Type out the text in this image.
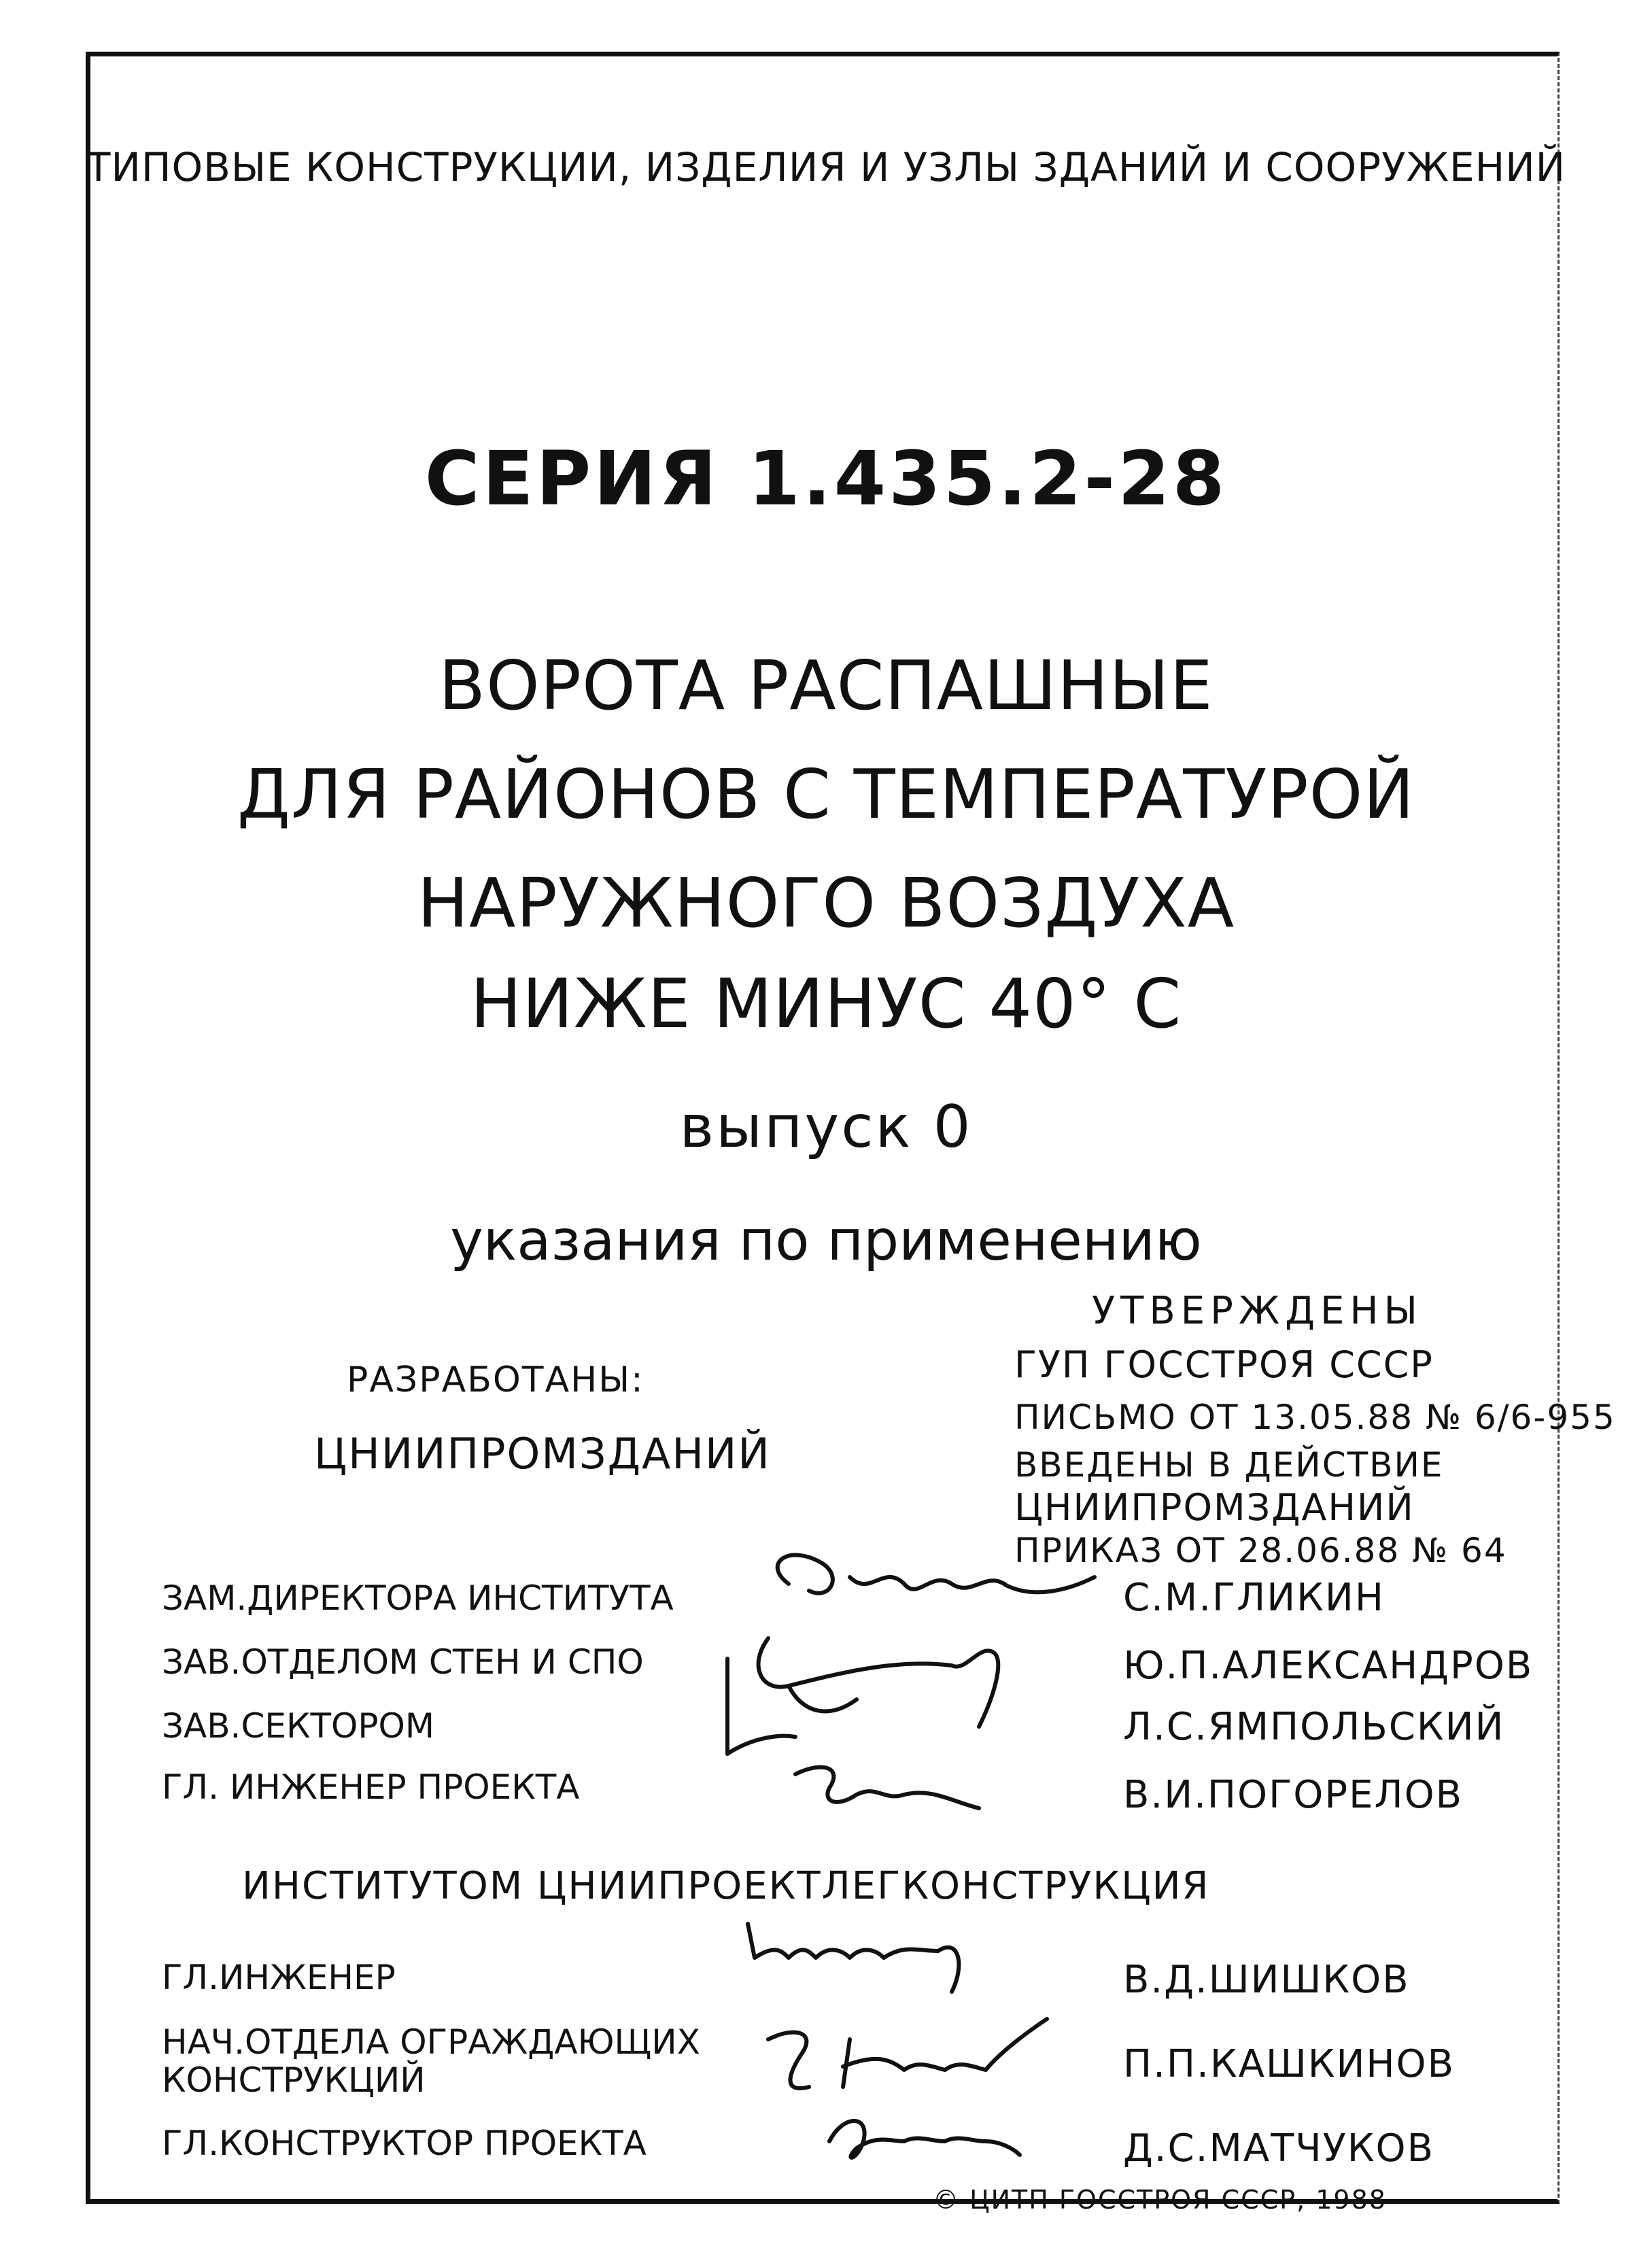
ТИПОВЫЕ КОНСТРУКЦИИ, ИЗДЕЛИЯ И УЗЛЫ ЗДАНИЙ И СООРУЖЕНИЙ
СЕРИЯ 1.435.2-28
ВОРОТА РАСПАШНЫЕ
ДЛЯ РАЙОНОВ С ТЕМПЕРАТУРОЙ
НАРУЖНОГО ВОЗДУХА
НИЖЕ МИНУС 40° С
выпуск 0
указания по применению
РАЗРАБОТАНЫ:
ЦНИИПРОМЗДАНИЙ
УТВЕРЖДЕНЫ
ГУП ГОССТРОЯ СССР
ПИСЬМО ОТ 13.05.88 № 6/6-955
ВВЕДЕНЫ В ДЕЙСТВИЕ
ЦНИИПРОМЗДАНИЙ
ПРИКАЗ ОТ 28.06.88 № 64
ЗАМ.ДИРЕКТОРА ИНСТИТУТА	С.М.ГЛИКИН
ЗАВ.ОТДЕЛОМ СТЕН И СПО	Ю.П.АЛЕКСАНДРОВ
ЗАВ.СЕКТОРОМ	Л.С.ЯМПОЛЬСКИЙ
ГЛ. ИНЖЕНЕР ПРОЕКТА	В.И.ПОГОРЕЛОВ
ИНСТИТУТОМ ЦНИИПРОЕКТЛЕГКОНСТРУКЦИЯ
ГЛ.ИНЖЕНЕР	В.Д.ШИШКОВ
НАЧ.ОТДЕЛА ОГРАЖДАЮЩИХ КОНСТРУКЦИЙ	П.П.КАШКИНОВ
ГЛ.КОНСТРУКТОР ПРОЕКТА	Д.С.МАТЧУКОВ
© ЦИТП ГОССТРОЯ СССР, 1988
